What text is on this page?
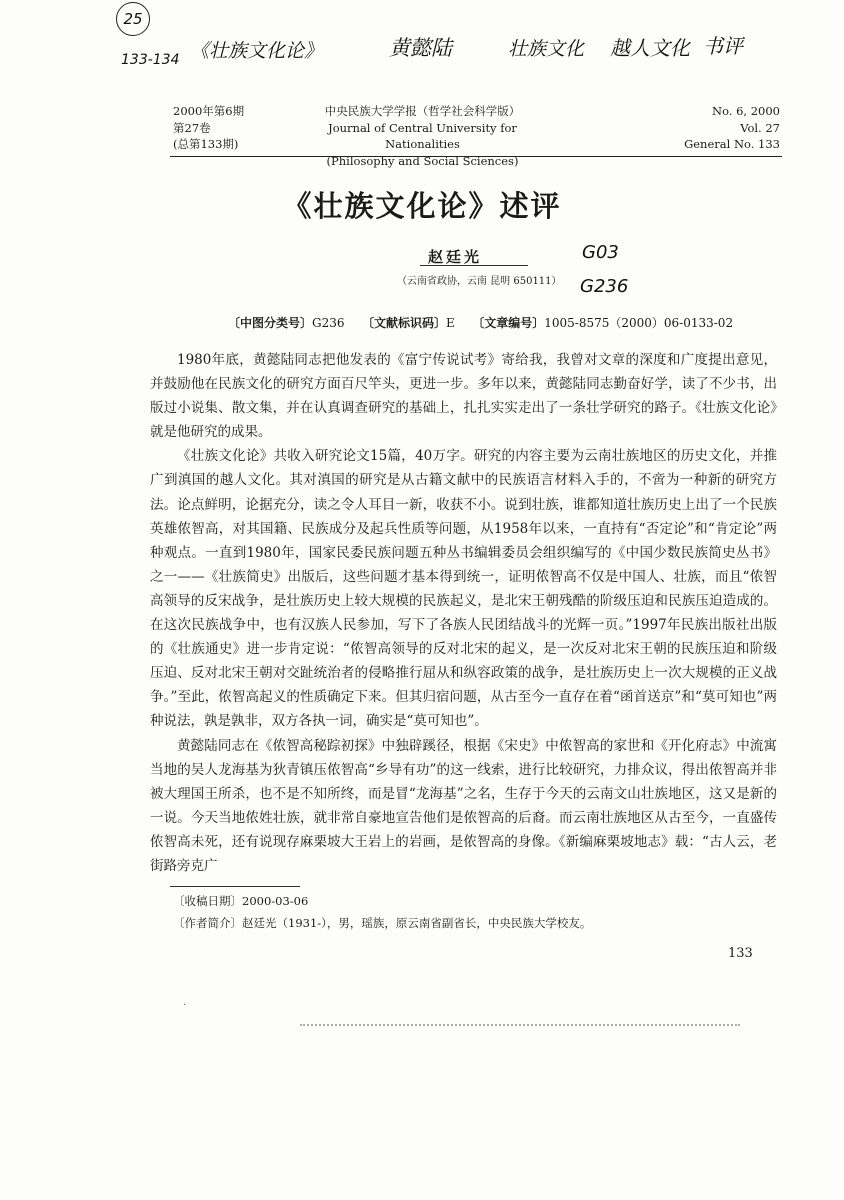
25
133-134 《壮族文化论》	黄懿陆	壮族文化 越人文化 书评
2000年第6期
第27卷
(总第133期)
中央民族大学学报（哲学社会科学版）
Journal of Central University for Nationalities
(Philosophy and Social Sciences)
No. 6, 2000
Vol. 27
General No. 133
《壮族文化论》述评
赵廷光
（云南省政协，云南 昆明 650111）
G03
G236
〔中图分类号〕G236 〔文献标识码〕E 〔文章编号〕1005-8575（2000）06-0133-02

1980年底，黄懿陆同志把他发表的《富宁传说试考》寄给我，我曾对文章的深度和广度提出意见，并鼓励他在民族文化的研究方面百尺竿头，更进一步。多年以来，黄懿陆同志勤奋好学，读了不少书，出版过小说集、散文集，并在认真调查研究的基础上，扎扎实实走出了一条壮学研究的路子。《壮族文化论》就是他研究的成果。

《壮族文化论》共收入研究论文15篇，40万字。研究的内容主要为云南壮族地区的历史文化，并推广到滇国的越人文化。其对滇国的研究是从古籍文献中的民族语言材料入手的，不啻为一种新的研究方法。论点鲜明，论据充分，读之令人耳目一新，收获不小。说到壮族，谁都知道壮族历史上出了一个民族英雄侬智高，对其国籍、民族成分及起兵性质等问题，从1958年以来，一直持有“否定论”和“肯定论”两种观点。一直到1980年，国家民委民族问题五种丛书编辑委员会组织编写的《中国少数民族简史丛书》之一——《壮族简史》出版后，这些问题才基本得到统一，证明侬智高不仅是中国人、壮族，而且“侬智高领导的反宋战争，是壮族历史上较大规模的民族起义，是北宋王朝残酷的阶级压迫和民族压迫造成的。在这次民族战争中，也有汉族人民参加，写下了各族人民团结战斗的光辉一页。”1997年民族出版社出版的《壮族通史》进一步肯定说：“侬智高领导的反对北宋的起义，是一次反对北宋王朝的民族压迫和阶级压迫、反对北宋王朝对交趾统治者的侵略推行屈从和纵容政策的战争，是壮族历史上一次大规模的正义战争。”至此，侬智高起义的性质确定下来。但其归宿问题，从古至今一直存在着“函首送京”和“莫可知也”两种说法，孰是孰非，双方各执一词，确实是“莫可知也”。

黄懿陆同志在《侬智高秘踪初探》中独辟蹊径，根据《宋史》中侬智高的家世和《开化府志》中流寓当地的吴人龙海基为狄青镇压侬智高“乡导有功”的这一线索，进行比较研究，力排众议，得出侬智高并非被大理国王所杀，也不是不知所终，而是冒“龙海基”之名，生存于今天的云南文山壮族地区，这又是新的一说。今天当地侬姓壮族，就非常自豪地宣告他们是侬智高的后裔。而云南壮族地区从古至今，一直盛传侬智高未死，还有说现存麻栗坡大王岩上的岩画，是侬智高的身像。《新编麻栗坡地志》载：“古人云，老街路旁克广

〔收稿日期〕2000-03-06
〔作者简介〕赵廷光（1931-），男，瑶族，原云南省副省长，中央民族大学校友。
133
·
